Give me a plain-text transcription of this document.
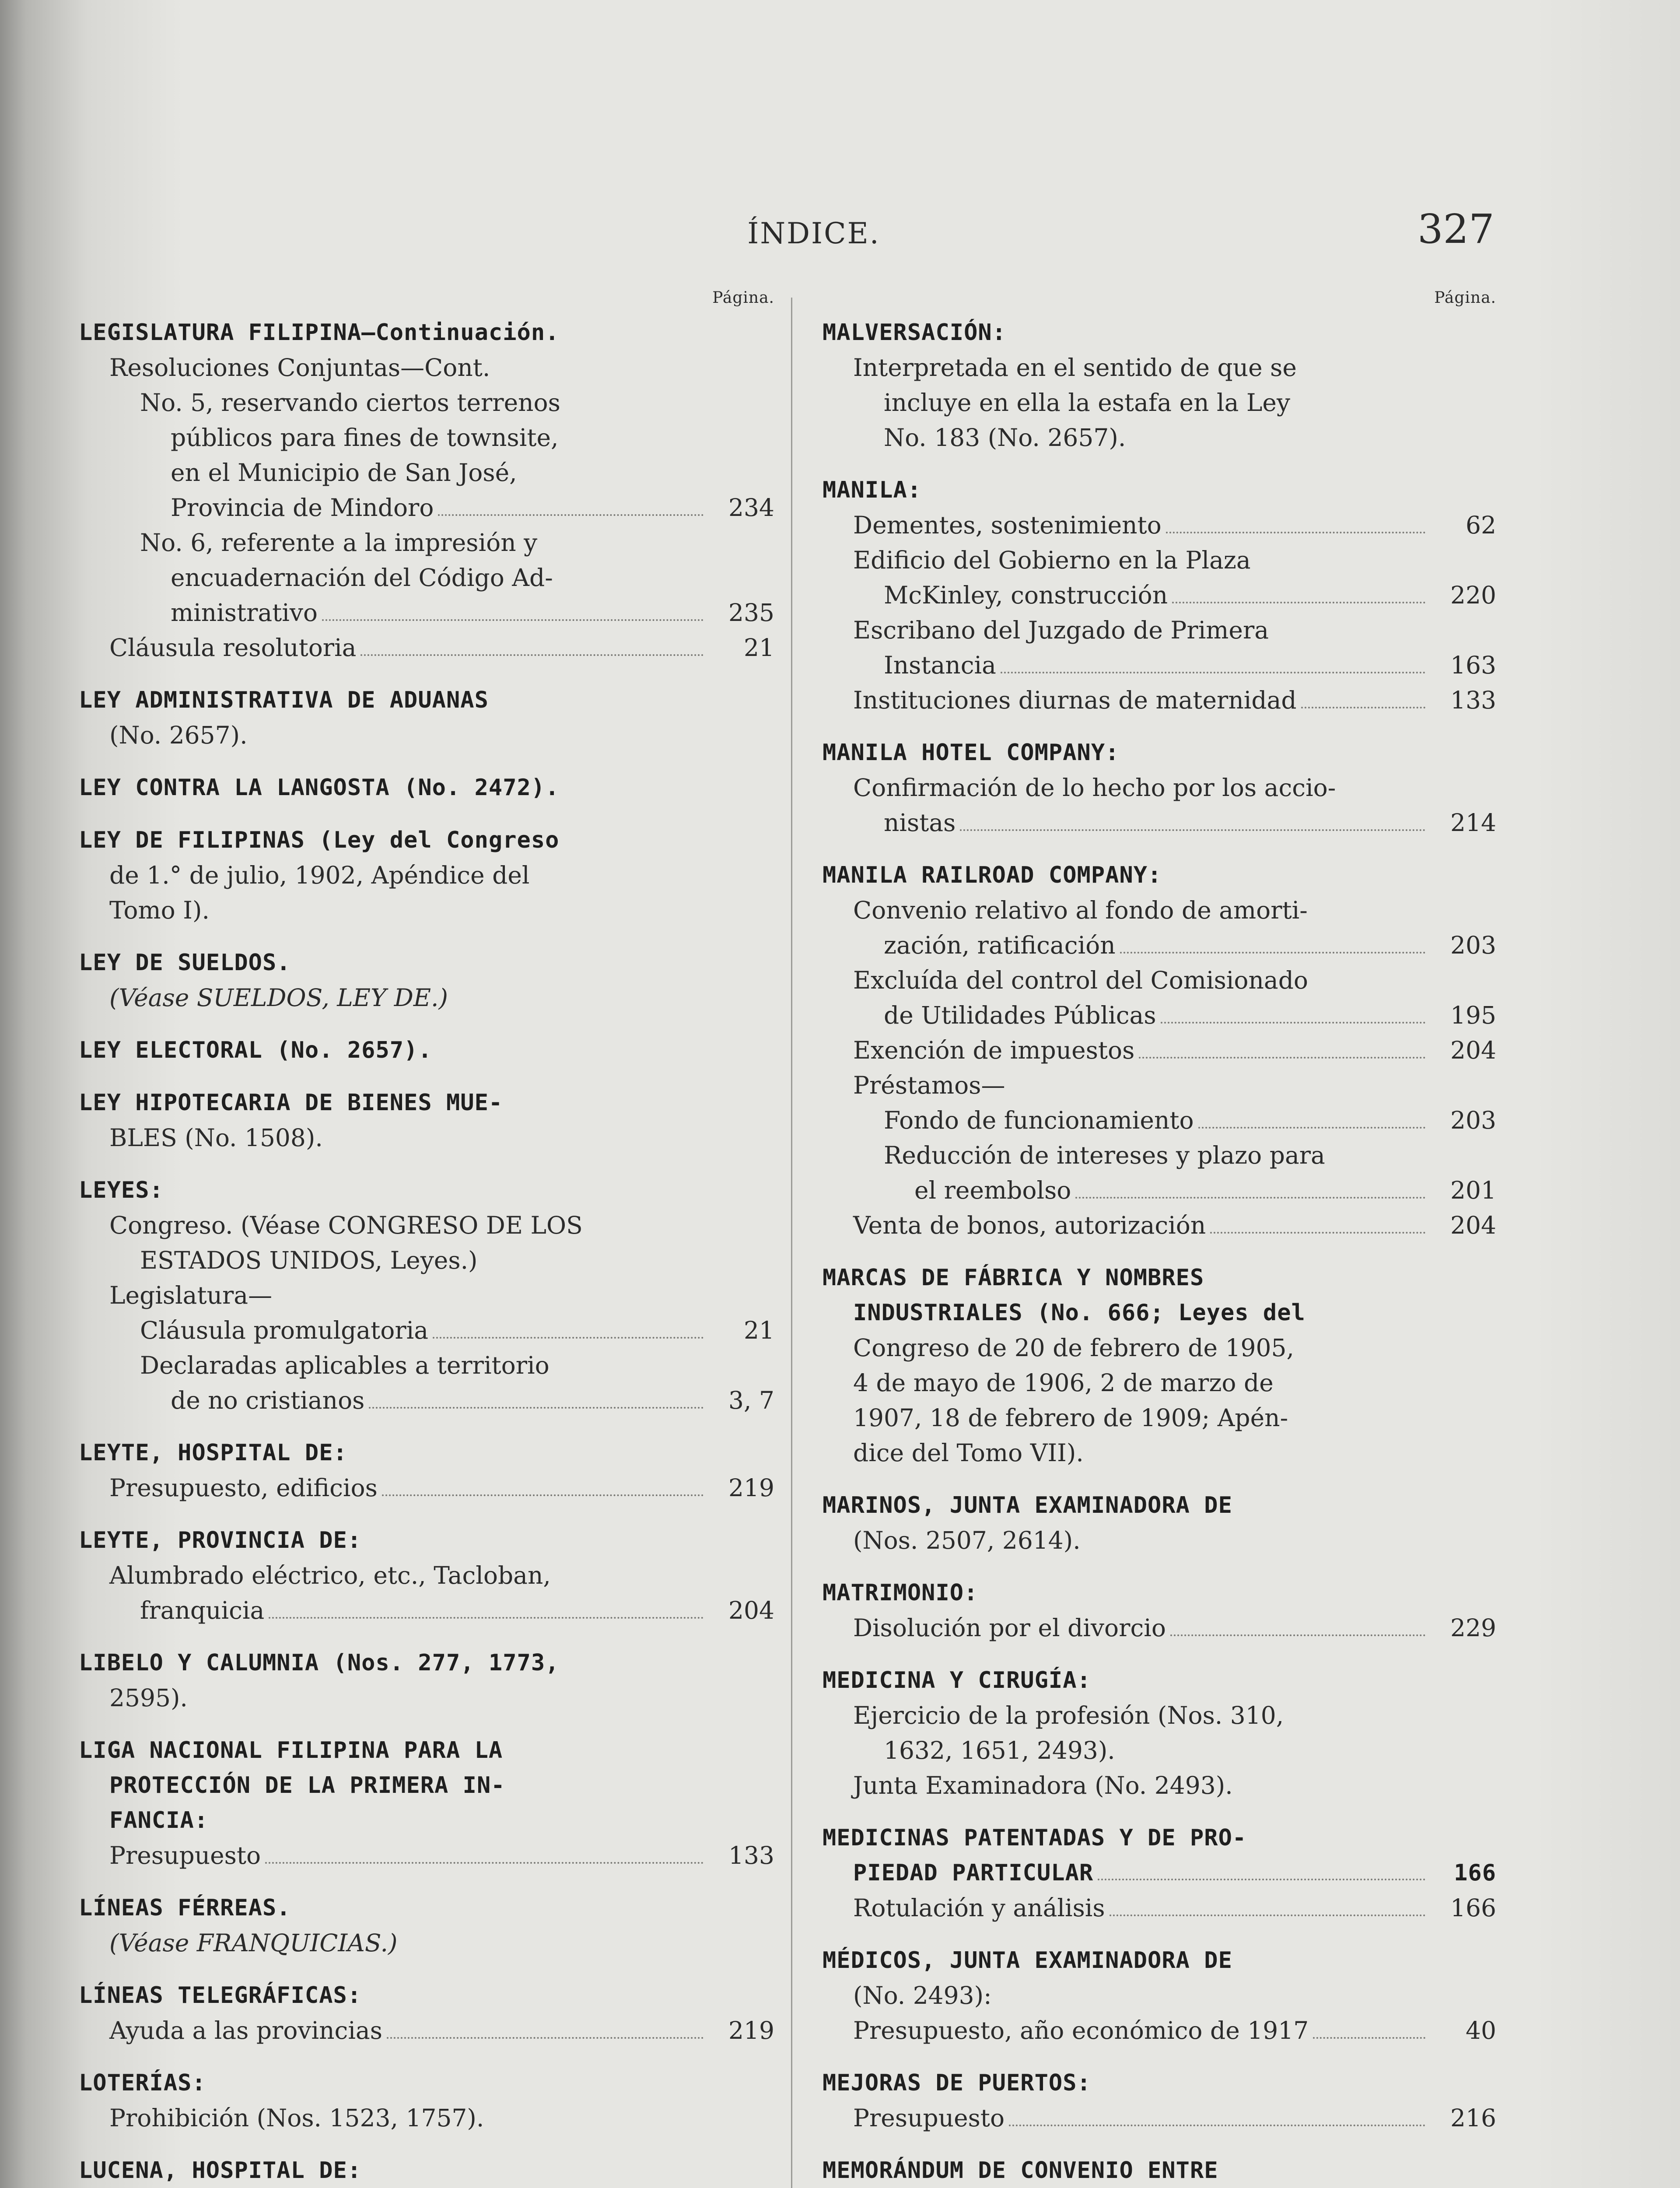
ÍNDICE.	327
Página.
LEGISLATURA FILIPINA—Continuación.
Resoluciones Conjuntas—Cont.
No. 5, reservando ciertos terrenos
públicos para fines de townsite,
en el Municipio de San José,
Provincia de Mindoro	234
No. 6, referente a la impresión y
encuadernación del Código Ad-
ministrativo	235
Cláusula resolutoria	21
LEY ADMINISTRATIVA DE ADUANAS
(No. 2657).
LEY CONTRA LA LANGOSTA (No. 2472).
LEY DE FILIPINAS (Ley del Congreso
de 1.° de julio, 1902, Apéndice del
Tomo I).
LEY DE SUELDOS.
(Véase SUELDOS, LEY DE.)
LEY ELECTORAL (No. 2657).
LEY HIPOTECARIA DE BIENES MUE-
BLES (No. 1508).
LEYES:
Congreso. (Véase CONGRESO DE LOS
ESTADOS UNIDOS, Leyes.)
Legislatura—
Cláusula promulgatoria	21
Declaradas aplicables a territorio
de no cristianos	3, 7
LEYTE, HOSPITAL DE:
Presupuesto, edificios	219
LEYTE, PROVINCIA DE:
Alumbrado eléctrico, etc., Tacloban,
franquicia	204
LIBELO Y CALUMNIA (Nos. 277, 1773,
2595).
LIGA NACIONAL FILIPINA PARA LA
PROTECCIÓN DE LA PRIMERA IN-
FANCIA:
Presupuesto	133
LÍNEAS FÉRREAS.
(Véase FRANQUICIAS.)
LÍNEAS TELEGRÁFICAS:
Ayuda a las provincias	219
LOTERÍAS:
Prohibición (Nos. 1523, 1757).
LUCENA, HOSPITAL DE:
Página.
MALVERSACIÓN:
Interpretada en el sentido de que se
incluye en ella la estafa en la Ley
No. 183 (No. 2657).
MANILA:
Dementes, sostenimiento	62
Edificio del Gobierno en la Plaza
McKinley, construcción	220
Escribano del Juzgado de Primera
Instancia	163
Instituciones diurnas de maternidad	133
MANILA HOTEL COMPANY:
Confirmación de lo hecho por los accio-
nistas	214
MANILA RAILROAD COMPANY:
Convenio relativo al fondo de amorti-
zación, ratificación	203
Excluída del control del Comisionado
de Utilidades Públicas	195
Exención de impuestos	204
Préstamos—
Fondo de funcionamiento	203
Reducción de intereses y plazo para
el reembolso	201
Venta de bonos, autorización	204
MARCAS DE FÁBRICA Y NOMBRES
INDUSTRIALES (No. 666; Leyes del
Congreso de 20 de febrero de 1905,
4 de mayo de 1906, 2 de marzo de
1907, 18 de febrero de 1909; Apén-
dice del Tomo VII).
MARINOS, JUNTA EXAMINADORA DE
(Nos. 2507, 2614).
MATRIMONIO:
Disolución por el divorcio	229
MEDICINA Y CIRUGÍA:
Ejercicio de la profesión (Nos. 310,
1632, 1651, 2493).
Junta Examinadora (No. 2493).
MEDICINAS PATENTADAS Y DE PRO-
PIEDAD PARTICULAR	166
Rotulación y análisis	166
MÉDICOS, JUNTA EXAMINADORA DE
(No. 2493):
Presupuesto, año económico de 1917	40
MEJORAS DE PUERTOS:
Presupuesto	216
MEMORÁNDUM DE CONVENIO ENTRE
